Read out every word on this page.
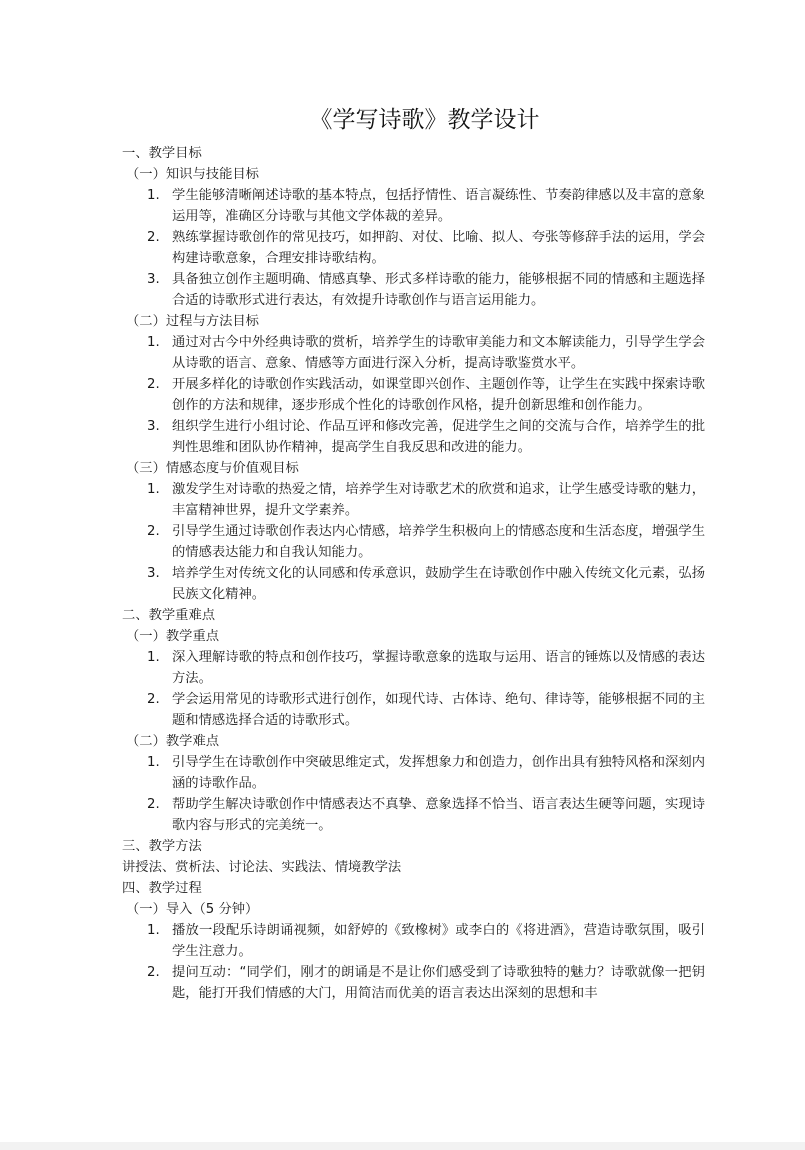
《学写诗歌》教学设计

一、教学目标

（一）知识与技能目标

1. 学生能够清晰阐述诗歌的基本特点，包括抒情性、语言凝练性、节奏韵律感以及丰富的意象运用等，准确区分诗歌与其他文学体裁的差异。
2. 熟练掌握诗歌创作的常见技巧，如押韵、对仗、比喻、拟人、夸张等修辞手法的运用，学会构建诗歌意象，合理安排诗歌结构。
3. 具备独立创作主题明确、情感真挚、形式多样诗歌的能力，能够根据不同的情感和主题选择合适的诗歌形式进行表达，有效提升诗歌创作与语言运用能力。

（二）过程与方法目标

1. 通过对古今中外经典诗歌的赏析，培养学生的诗歌审美能力和文本解读能力，引导学生学会从诗歌的语言、意象、情感等方面进行深入分析，提高诗歌鉴赏水平。
2. 开展多样化的诗歌创作实践活动，如课堂即兴创作、主题创作等，让学生在实践中探索诗歌创作的方法和规律，逐步形成个性化的诗歌创作风格，提升创新思维和创作能力。
3. 组织学生进行小组讨论、作品互评和修改完善，促进学生之间的交流与合作，培养学生的批判性思维和团队协作精神，提高学生自我反思和改进的能力。

（三）情感态度与价值观目标

1. 激发学生对诗歌的热爱之情，培养学生对诗歌艺术的欣赏和追求，让学生感受诗歌的魅力，丰富精神世界，提升文学素养。
2. 引导学生通过诗歌创作表达内心情感，培养学生积极向上的情感态度和生活态度，增强学生的情感表达能力和自我认知能力。
3. 培养学生对传统文化的认同感和传承意识，鼓励学生在诗歌创作中融入传统文化元素，弘扬民族文化精神。

二、教学重难点

（一）教学重点

1. 深入理解诗歌的特点和创作技巧，掌握诗歌意象的选取与运用、语言的锤炼以及情感的表达方法。
2. 学会运用常见的诗歌形式进行创作，如现代诗、古体诗、绝句、律诗等，能够根据不同的主题和情感选择合适的诗歌形式。

（二）教学难点

1. 引导学生在诗歌创作中突破思维定式，发挥想象力和创造力，创作出具有独特风格和深刻内涵的诗歌作品。
2. 帮助学生解决诗歌创作中情感表达不真挚、意象选择不恰当、语言表达生硬等问题，实现诗歌内容与形式的完美统一。

三、教学方法

讲授法、赏析法、讨论法、实践法、情境教学法

四、教学过程

（一）导入（5 分钟）

1. 播放一段配乐诗朗诵视频，如舒婷的《致橡树》或李白的《将进酒》，营造诗歌氛围，吸引学生注意力。
2. 提问互动：“同学们，刚才的朗诵是不是让你们感受到了诗歌独特的魅力？诗歌就像一把钥匙，能打开我们情感的大门，用简洁而优美的语言表达出深刻的思想和丰
